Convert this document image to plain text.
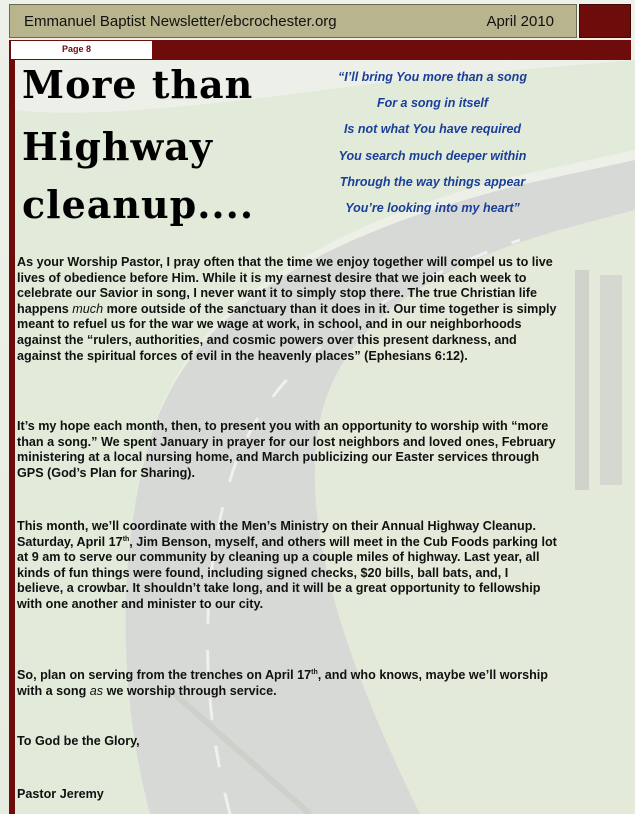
Emmanuel Baptist Newsletter/ebcrochester.org	April 2010
Page 8
More than
Highway
cleanup....
“I’ll bring You more than a song
For a song in itself
Is not what You have required
You search much deeper within
Through the way things appear
You’re looking into my heart”
As your Worship Pastor, I pray often that the time we enjoy together will compel us to live lives of obedience before Him. While it is my earnest desire that we join each week to celebrate our Savior in song, I never want it to simply stop there. The true Christian life happens much more outside of the sanctuary than it does in it. Our time together is simply meant to refuel us for the war we wage at work, in school, and in our neighborhoods against the “rulers, authorities, and cosmic powers over this present darkness, and against the spiritual forces of evil in the heavenly places” (Ephesians 6:12).
It’s my hope each month, then, to present you with an opportunity to worship with “more than a song.” We spent January in prayer for our lost neighbors and loved ones, February ministering at a local nursing home, and March publicizing our Easter services through GPS (God’s Plan for Sharing).
This month, we’ll coordinate with the Men’s Ministry on their Annual Highway Cleanup. Saturday, April 17th, Jim Benson, myself, and others will meet in the Cub Foods parking lot at 9 am to serve our community by cleaning up a couple miles of highway. Last year, all kinds of fun things were found, including signed checks, $20 bills, ball bats, and, I believe, a crowbar. It shouldn’t take long, and it will be a great opportunity to fellowship with one another and minister to our city.
So, plan on serving from the trenches on April 17th, and who knows, maybe we’ll worship with a song as we worship through service.
To God be the Glory,
Pastor Jeremy
